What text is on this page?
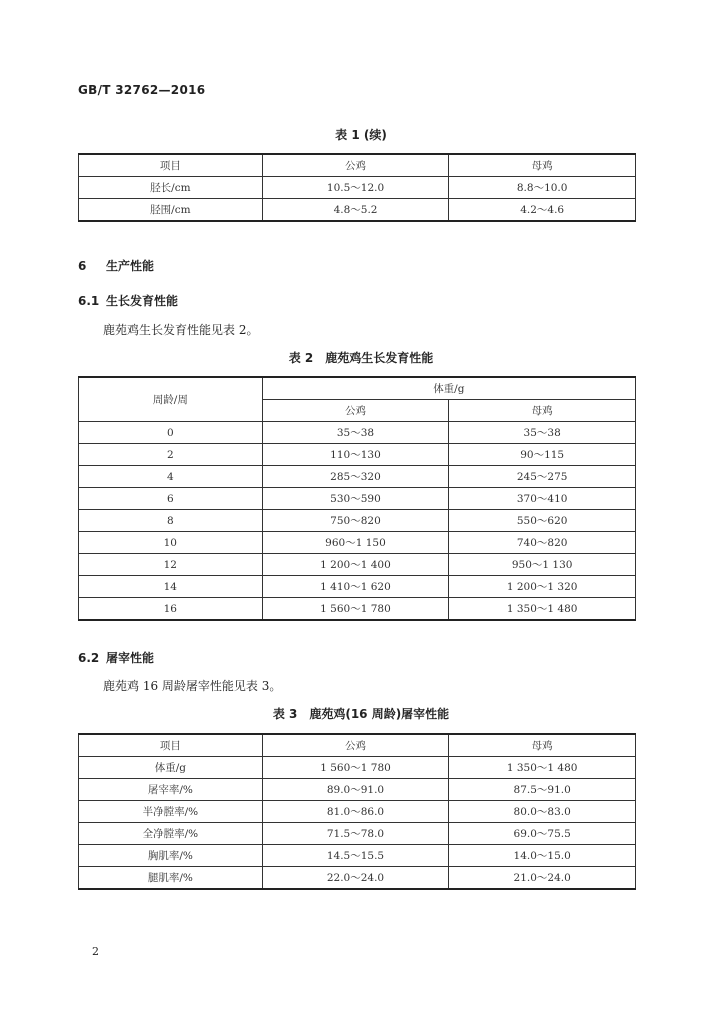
GB/T 32762—2016
表 1 (续)
项目	公鸡	母鸡
胫长/cm	10.5～12.0	8.8～10.0
胫围/cm	4.8～5.2	4.2～4.6
6 生产性能
6.1 生长发育性能
鹿苑鸡生长发育性能见表 2。
表 2　鹿苑鸡生长发育性能
周龄/周	体重/g	
	公鸡	母鸡
0	35～38	35～38
2	110～130	90～115
4	285～320	245～275
6	530～590	370～410
8	750～820	550～620
10	960～1 150	740～820
12	1 200～1 400	950～1 130
14	1 410～1 620	1 200～1 320
16	1 560～1 780	1 350～1 480
6.2 屠宰性能
鹿苑鸡 16 周龄屠宰性能见表 3。
表 3　鹿苑鸡(16 周龄)屠宰性能
项目	公鸡	母鸡
体重/g	1 560～1 780	1 350～1 480
屠宰率/%	89.0～91.0	87.5～91.0
半净膛率/%	81.0～86.0	80.0～83.0
全净膛率/%	71.5～78.0	69.0～75.5
胸肌率/%	14.5～15.5	14.0～15.0
腿肌率/%	22.0～24.0	21.0～24.0
2
